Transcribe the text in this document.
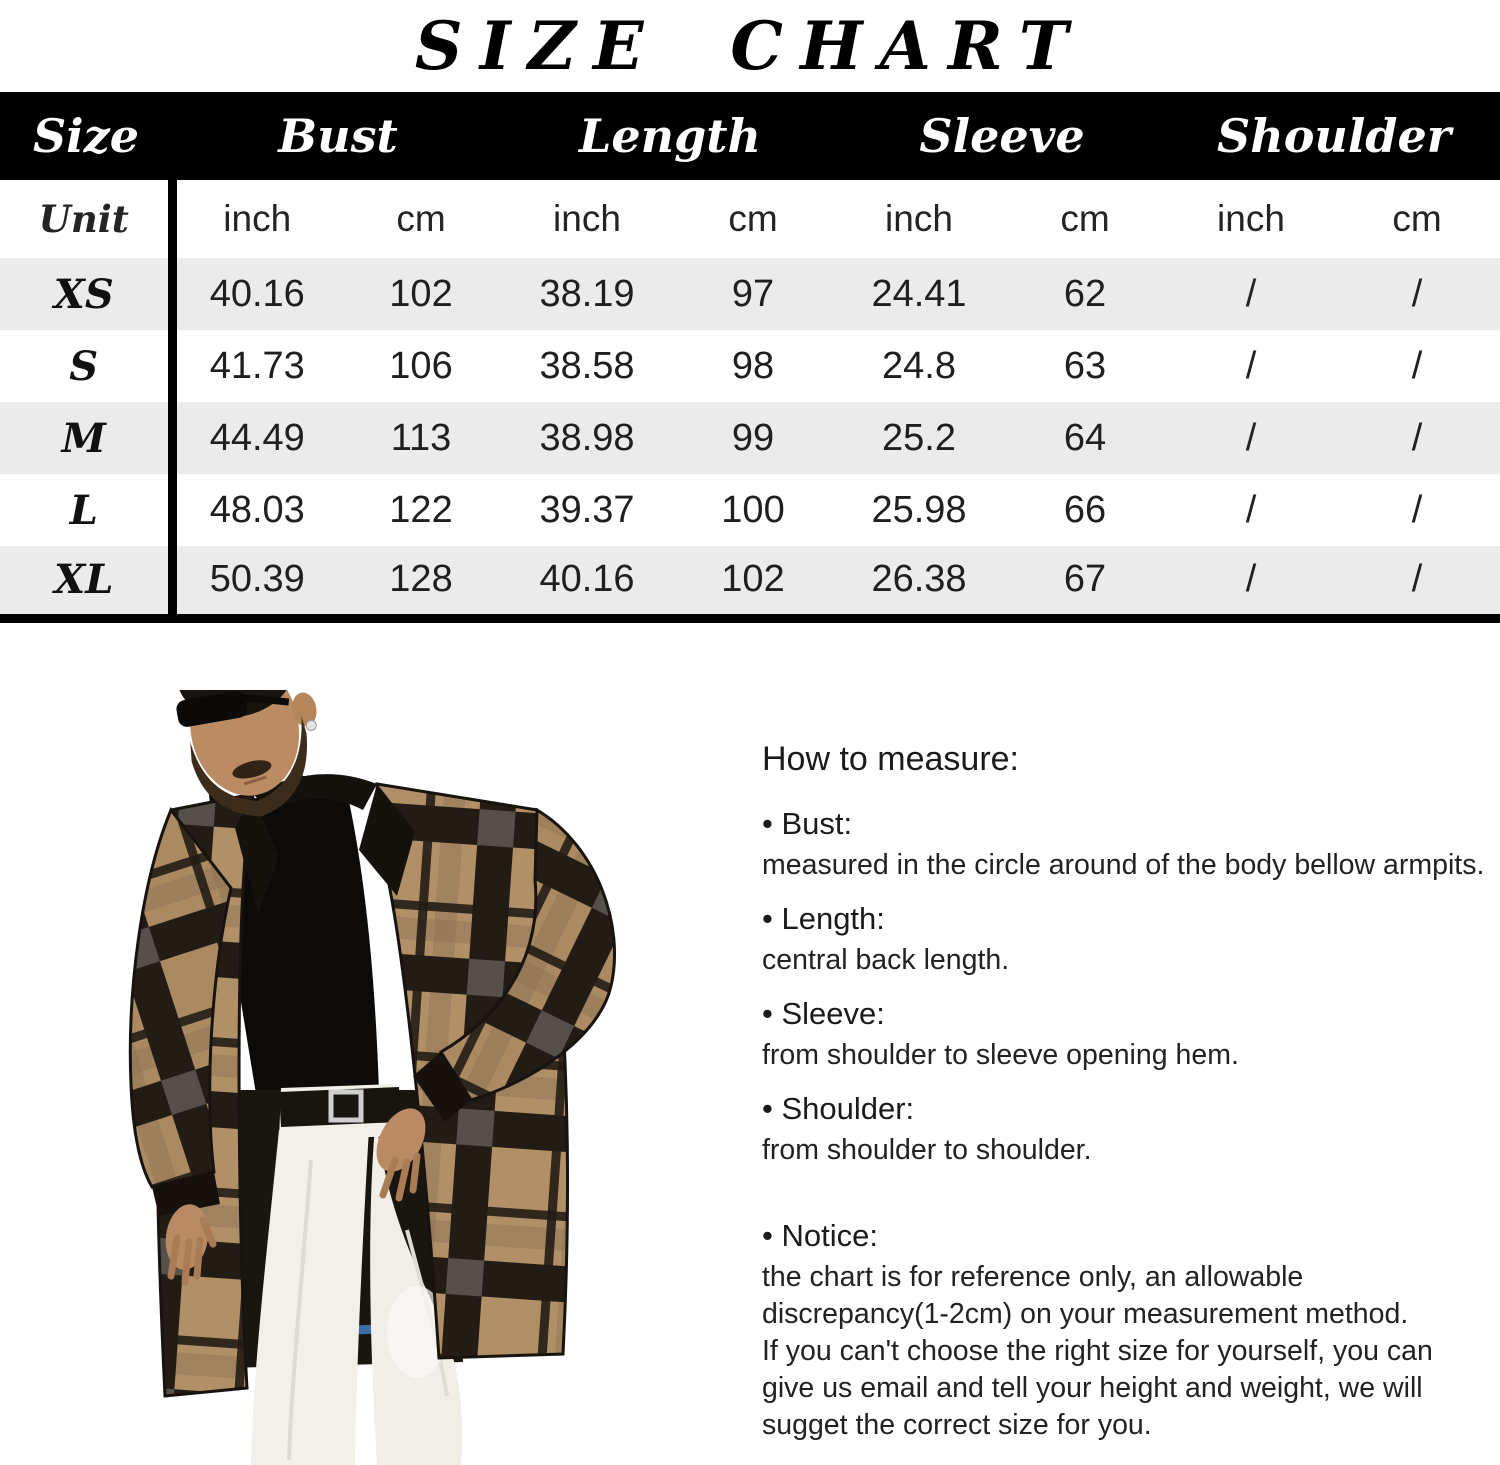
SIZE CHART
Size	Bust		Length		Sleeve		Shoulder	
Unit	inch	cm	inch	cm	inch	cm	inch	cm
XS	40.16	102	38.19	97	24.41	62	/	/
S	41.73	106	38.58	98	24.8	63	/	/
M	44.49	113	38.98	99	25.2	64	/	/
L	48.03	122	39.37	100	25.98	66	/	/
XL	50.39	128	40.16	102	26.38	67	/	/
How to measure:
• Bust:
measured in the circle around of the body bellow armpits.
• Length:
central back length.
• Sleeve:
from shoulder to sleeve opening hem.
• Shoulder:
from shoulder to shoulder.
• Notice:
the chart is for reference only, an allowable
discrepancy(1-2cm) on your measurement method.
If you can't choose the right size for yourself, you can
give us email and tell your height and weight, we will
sugget the correct size for you.
